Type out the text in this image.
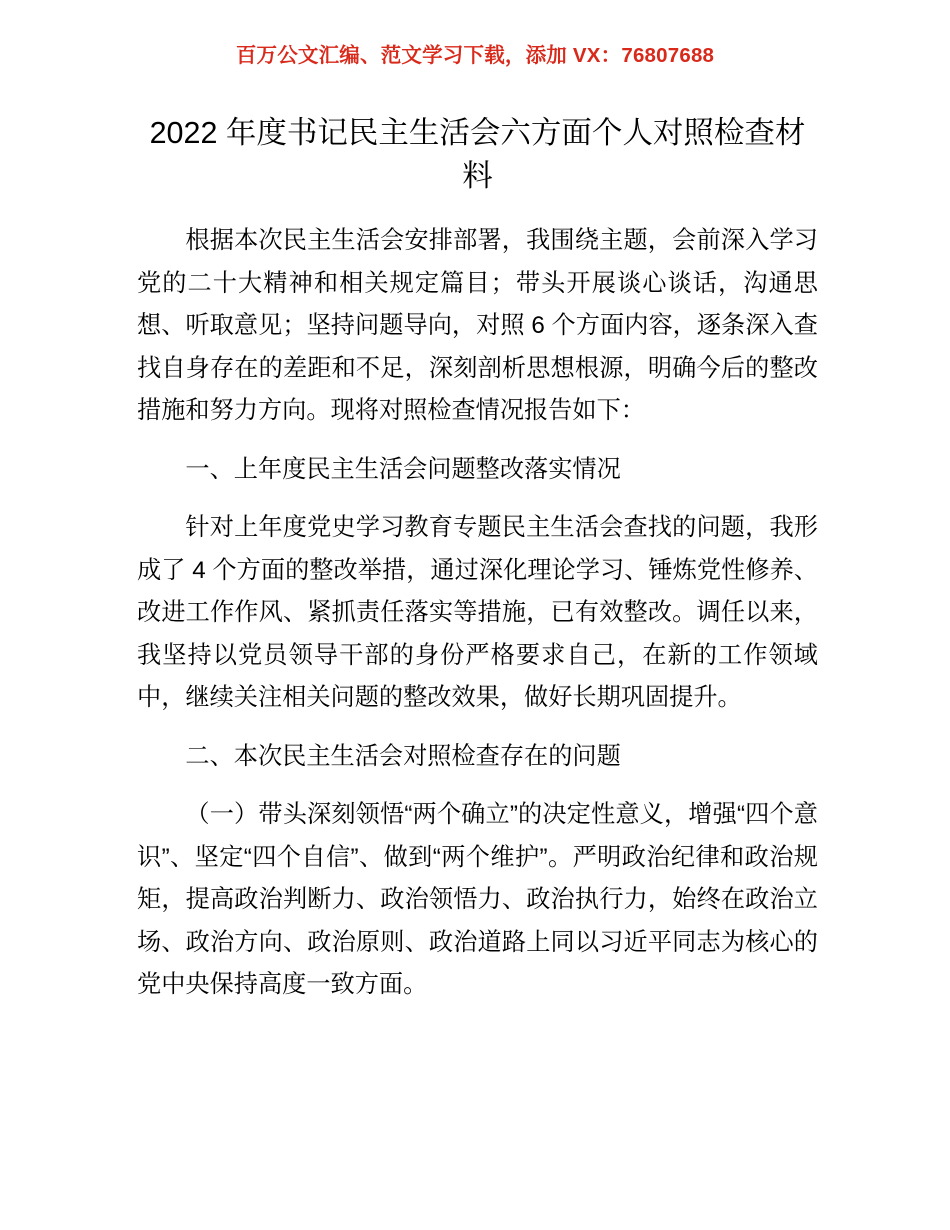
百万公文汇编、范文学习下载，添加 VX：76807688
2022 年度书记民主生活会六方面个人对照检查材料

根据本次民主生活会安排部署，我围绕主题，会前深入学习党的二十大精神和相关规定篇目；带头开展谈心谈话，沟通思想、听取意见；坚持问题导向，对照 6 个方面内容，逐条深入查找自身存在的差距和不足，深刻剖析思想根源，明确今后的整改措施和努力方向。现将对照检查情况报告如下：

一、上年度民主生活会问题整改落实情况

针对上年度党史学习教育专题民主生活会查找的问题，我形成了 4 个方面的整改举措，通过深化理论学习、锤炼党性修养、改进工作作风、紧抓责任落实等措施，已有效整改。调任以来，我坚持以党员领导干部的身份严格要求自己，在新的工作领域中，继续关注相关问题的整改效果，做好长期巩固提升。

二、本次民主生活会对照检查存在的问题

（一）带头深刻领悟“两个确立”的决定性意义，增强“四个意识”、坚定“四个自信”、做到“两个维护”。严明政治纪律和政治规矩，提高政治判断力、政治领悟力、政治执行力，始终在政治立场、政治方向、政治原则、政治道路上同以习近平同志为核心的党中央保持高度一致方面。
